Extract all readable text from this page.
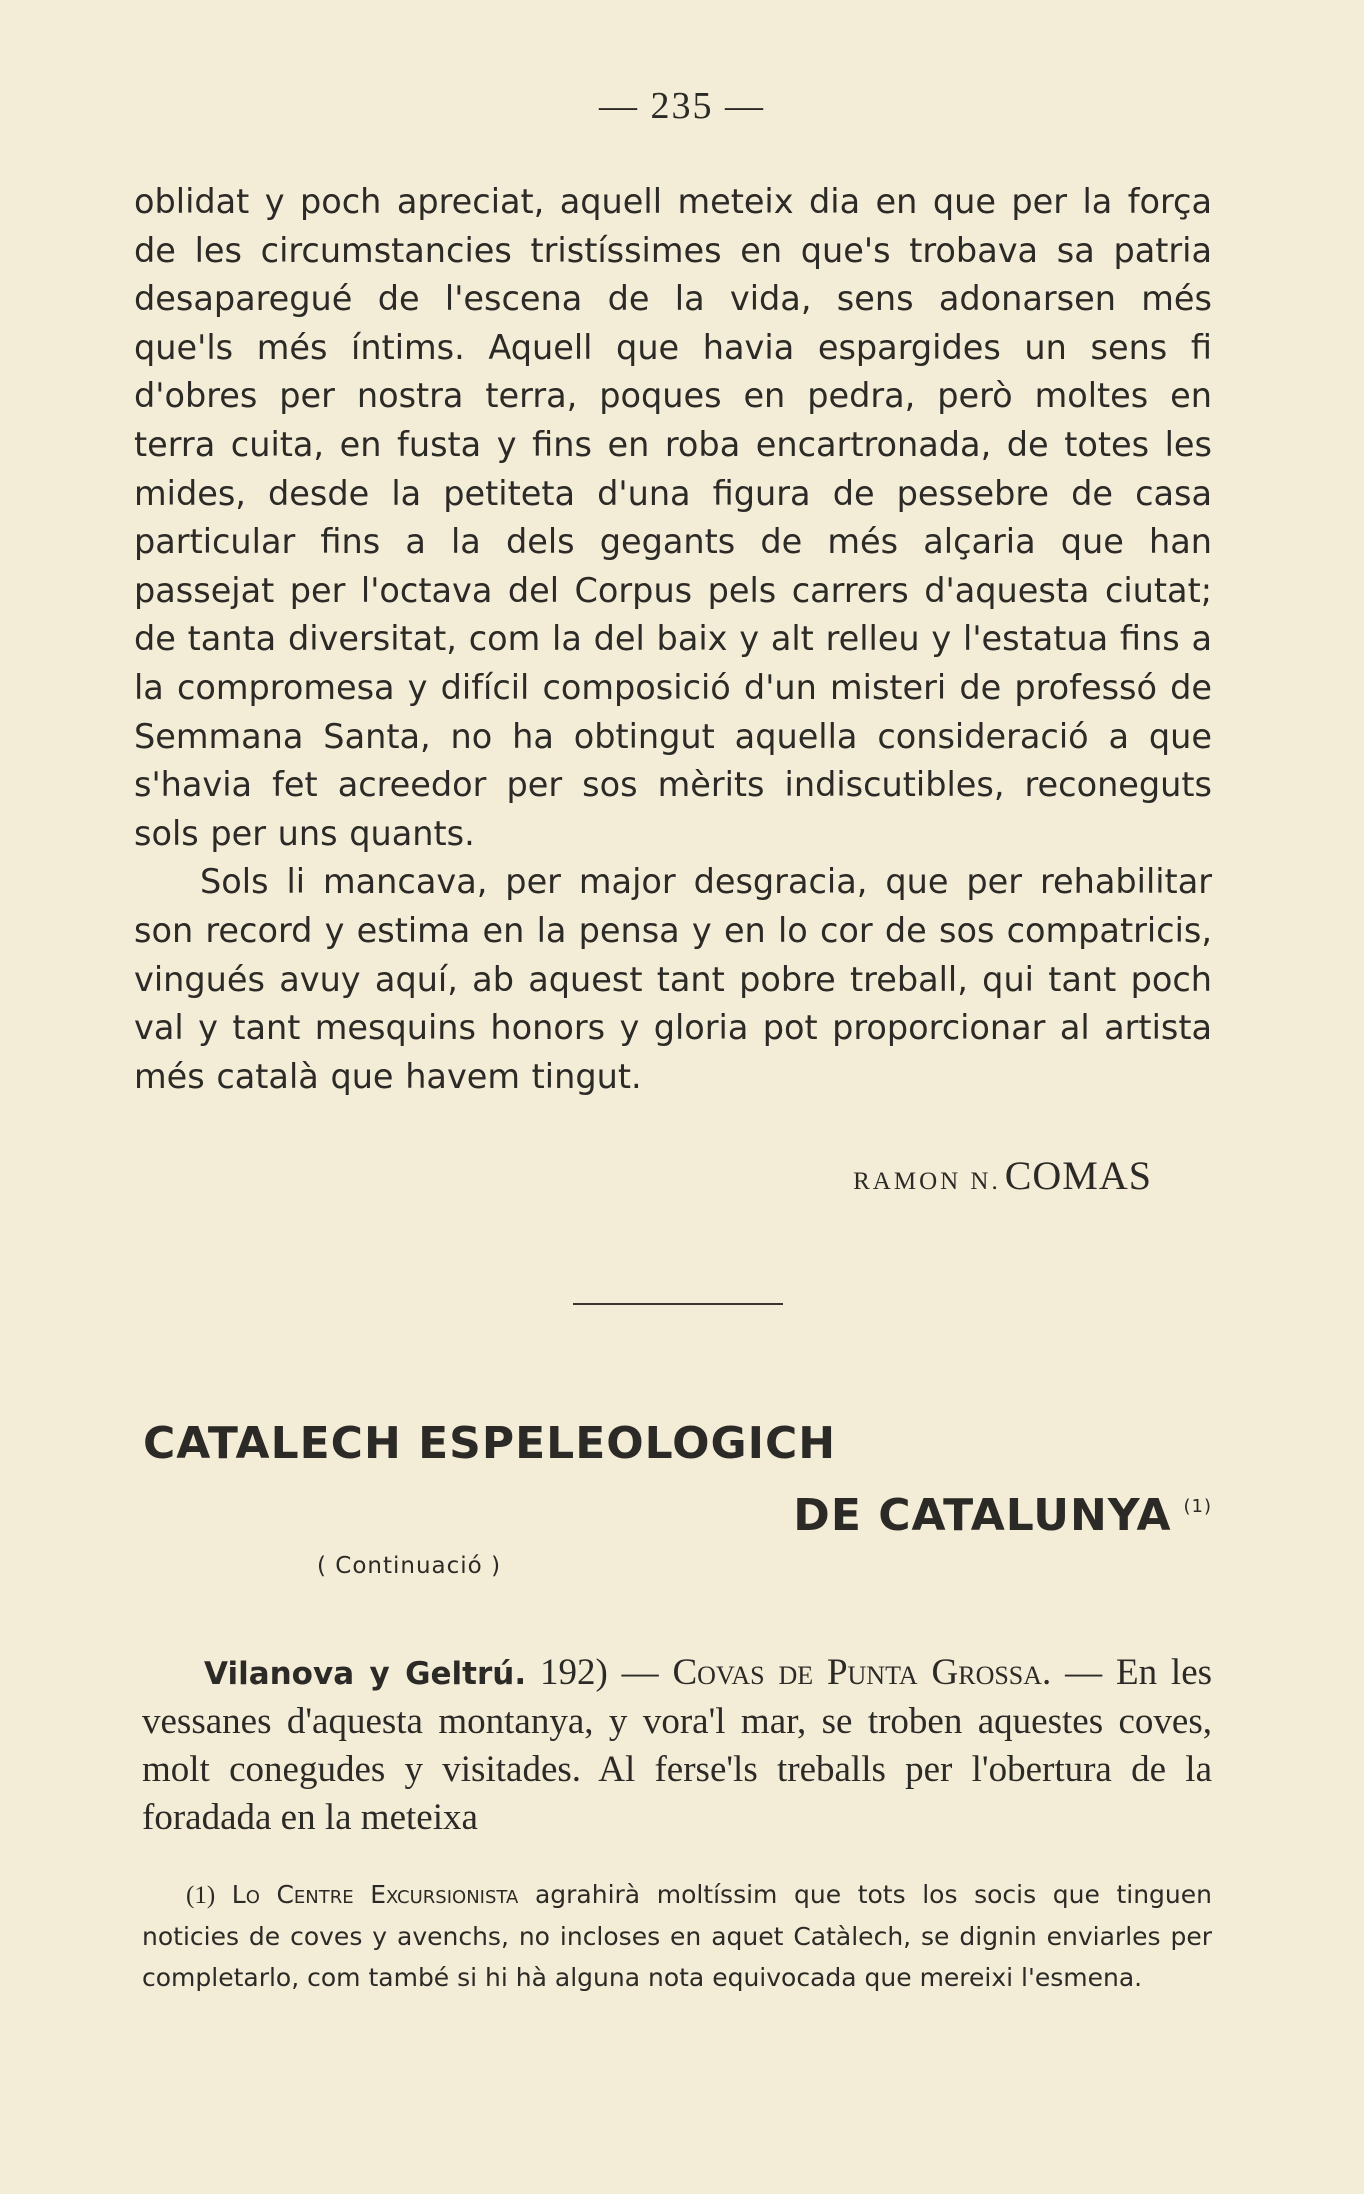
— 235 —

oblidat y poch apreciat, aquell meteix dia en que per la força de les circumstancies tristíssimes en que's trobava sa patria desaparegué de l'escena de la vida, sens adonarsen més que'ls més íntims. Aquell que havia espargides un sens fi d'obres per nostra terra, poques en pedra, però moltes en terra cuita, en fusta y fins en roba encartronada, de totes les mides, desde la petiteta d'una figura de pessebre de casa particular fins a la dels gegants de més alçaria que han passejat per l'octava del Corpus pels carrers d'aquesta ciutat; de tanta diversitat, com la del baix y alt relleu y l'estatua fins a la compromesa y difícil composició d'un misteri de professó de Semmana Santa, no ha obtingut aquella consideració a que s'havia fet acreedor per sos mèrits indiscutibles, reconeguts sols per uns quants.

Sols li mancava, per major desgracia, que per rehabilitar son record y estima en la pensa y en lo cor de sos compatricis, vingués avuy aquí, ab aquest tant pobre treball, qui tant poch val y tant mesquins honors y gloria pot proporcionar al artista més català que havem tingut.

RAMON N. COMAS
CATALECH ESPELEOLOGICH
DE CATALUNYA $^{(1)}$
( Continuació )

Vilanova y Geltrú. 192) — Covas de Punta Grossa. — En les vessanes d'aquesta montanya, y vora'l mar, se troben aquestes coves, molt conegudes y visitades. Al ferse'ls treballs per l'obertura de la foradada en la meteixa

(1) Lo Centre Excursionista agrahirà moltíssim que tots los socis que tinguen noticies de coves y avenchs, no incloses en aquet Catàlech, se dignin enviarles per completarlo, com també si hi hà alguna nota equivocada que mereixi l'esmena.
